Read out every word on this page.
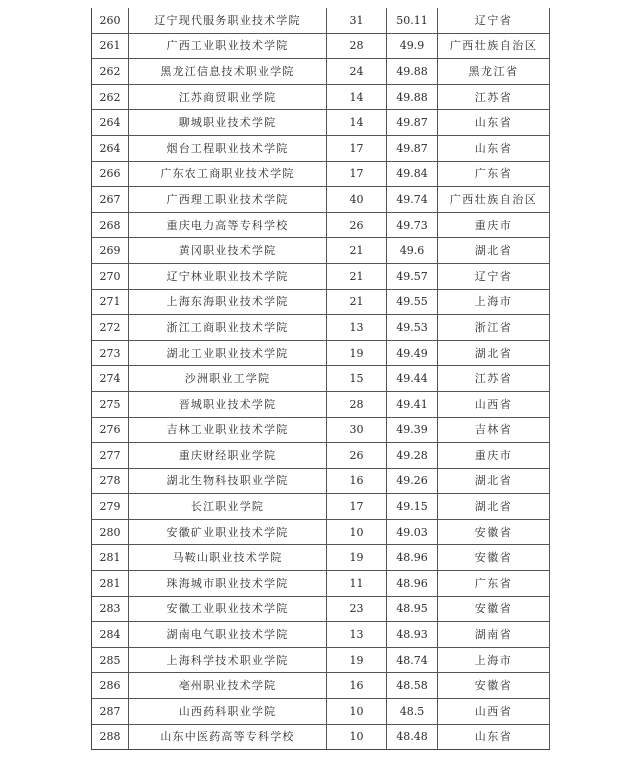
260	辽宁现代服务职业技术学院	31	50.11	辽宁省
261	广西工业职业技术学院	28	49.9	广西壮族自治区
262	黑龙江信息技术职业学院	24	49.88	黑龙江省
262	江苏商贸职业学院	14	49.88	江苏省
264	聊城职业技术学院	14	49.87	山东省
264	烟台工程职业技术学院	17	49.87	山东省
266	广东农工商职业技术学院	17	49.84	广东省
267	广西理工职业技术学院	40	49.74	广西壮族自治区
268	重庆电力高等专科学校	26	49.73	重庆市
269	黄冈职业技术学院	21	49.6	湖北省
270	辽宁林业职业技术学院	21	49.57	辽宁省
271	上海东海职业技术学院	21	49.55	上海市
272	浙江工商职业技术学院	13	49.53	浙江省
273	湖北工业职业技术学院	19	49.49	湖北省
274	沙洲职业工学院	15	49.44	江苏省
275	晋城职业技术学院	28	49.41	山西省
276	吉林工业职业技术学院	30	49.39	吉林省
277	重庆财经职业学院	26	49.28	重庆市
278	湖北生物科技职业学院	16	49.26	湖北省
279	长江职业学院	17	49.15	湖北省
280	安徽矿业职业技术学院	10	49.03	安徽省
281	马鞍山职业技术学院	19	48.96	安徽省
281	珠海城市职业技术学院	11	48.96	广东省
283	安徽工业职业技术学院	23	48.95	安徽省
284	湖南电气职业技术学院	13	48.93	湖南省
285	上海科学技术职业学院	19	48.74	上海市
286	亳州职业技术学院	16	48.58	安徽省
287	山西药科职业学院	10	48.5	山西省
288	山东中医药高等专科学校	10	48.48	山东省
